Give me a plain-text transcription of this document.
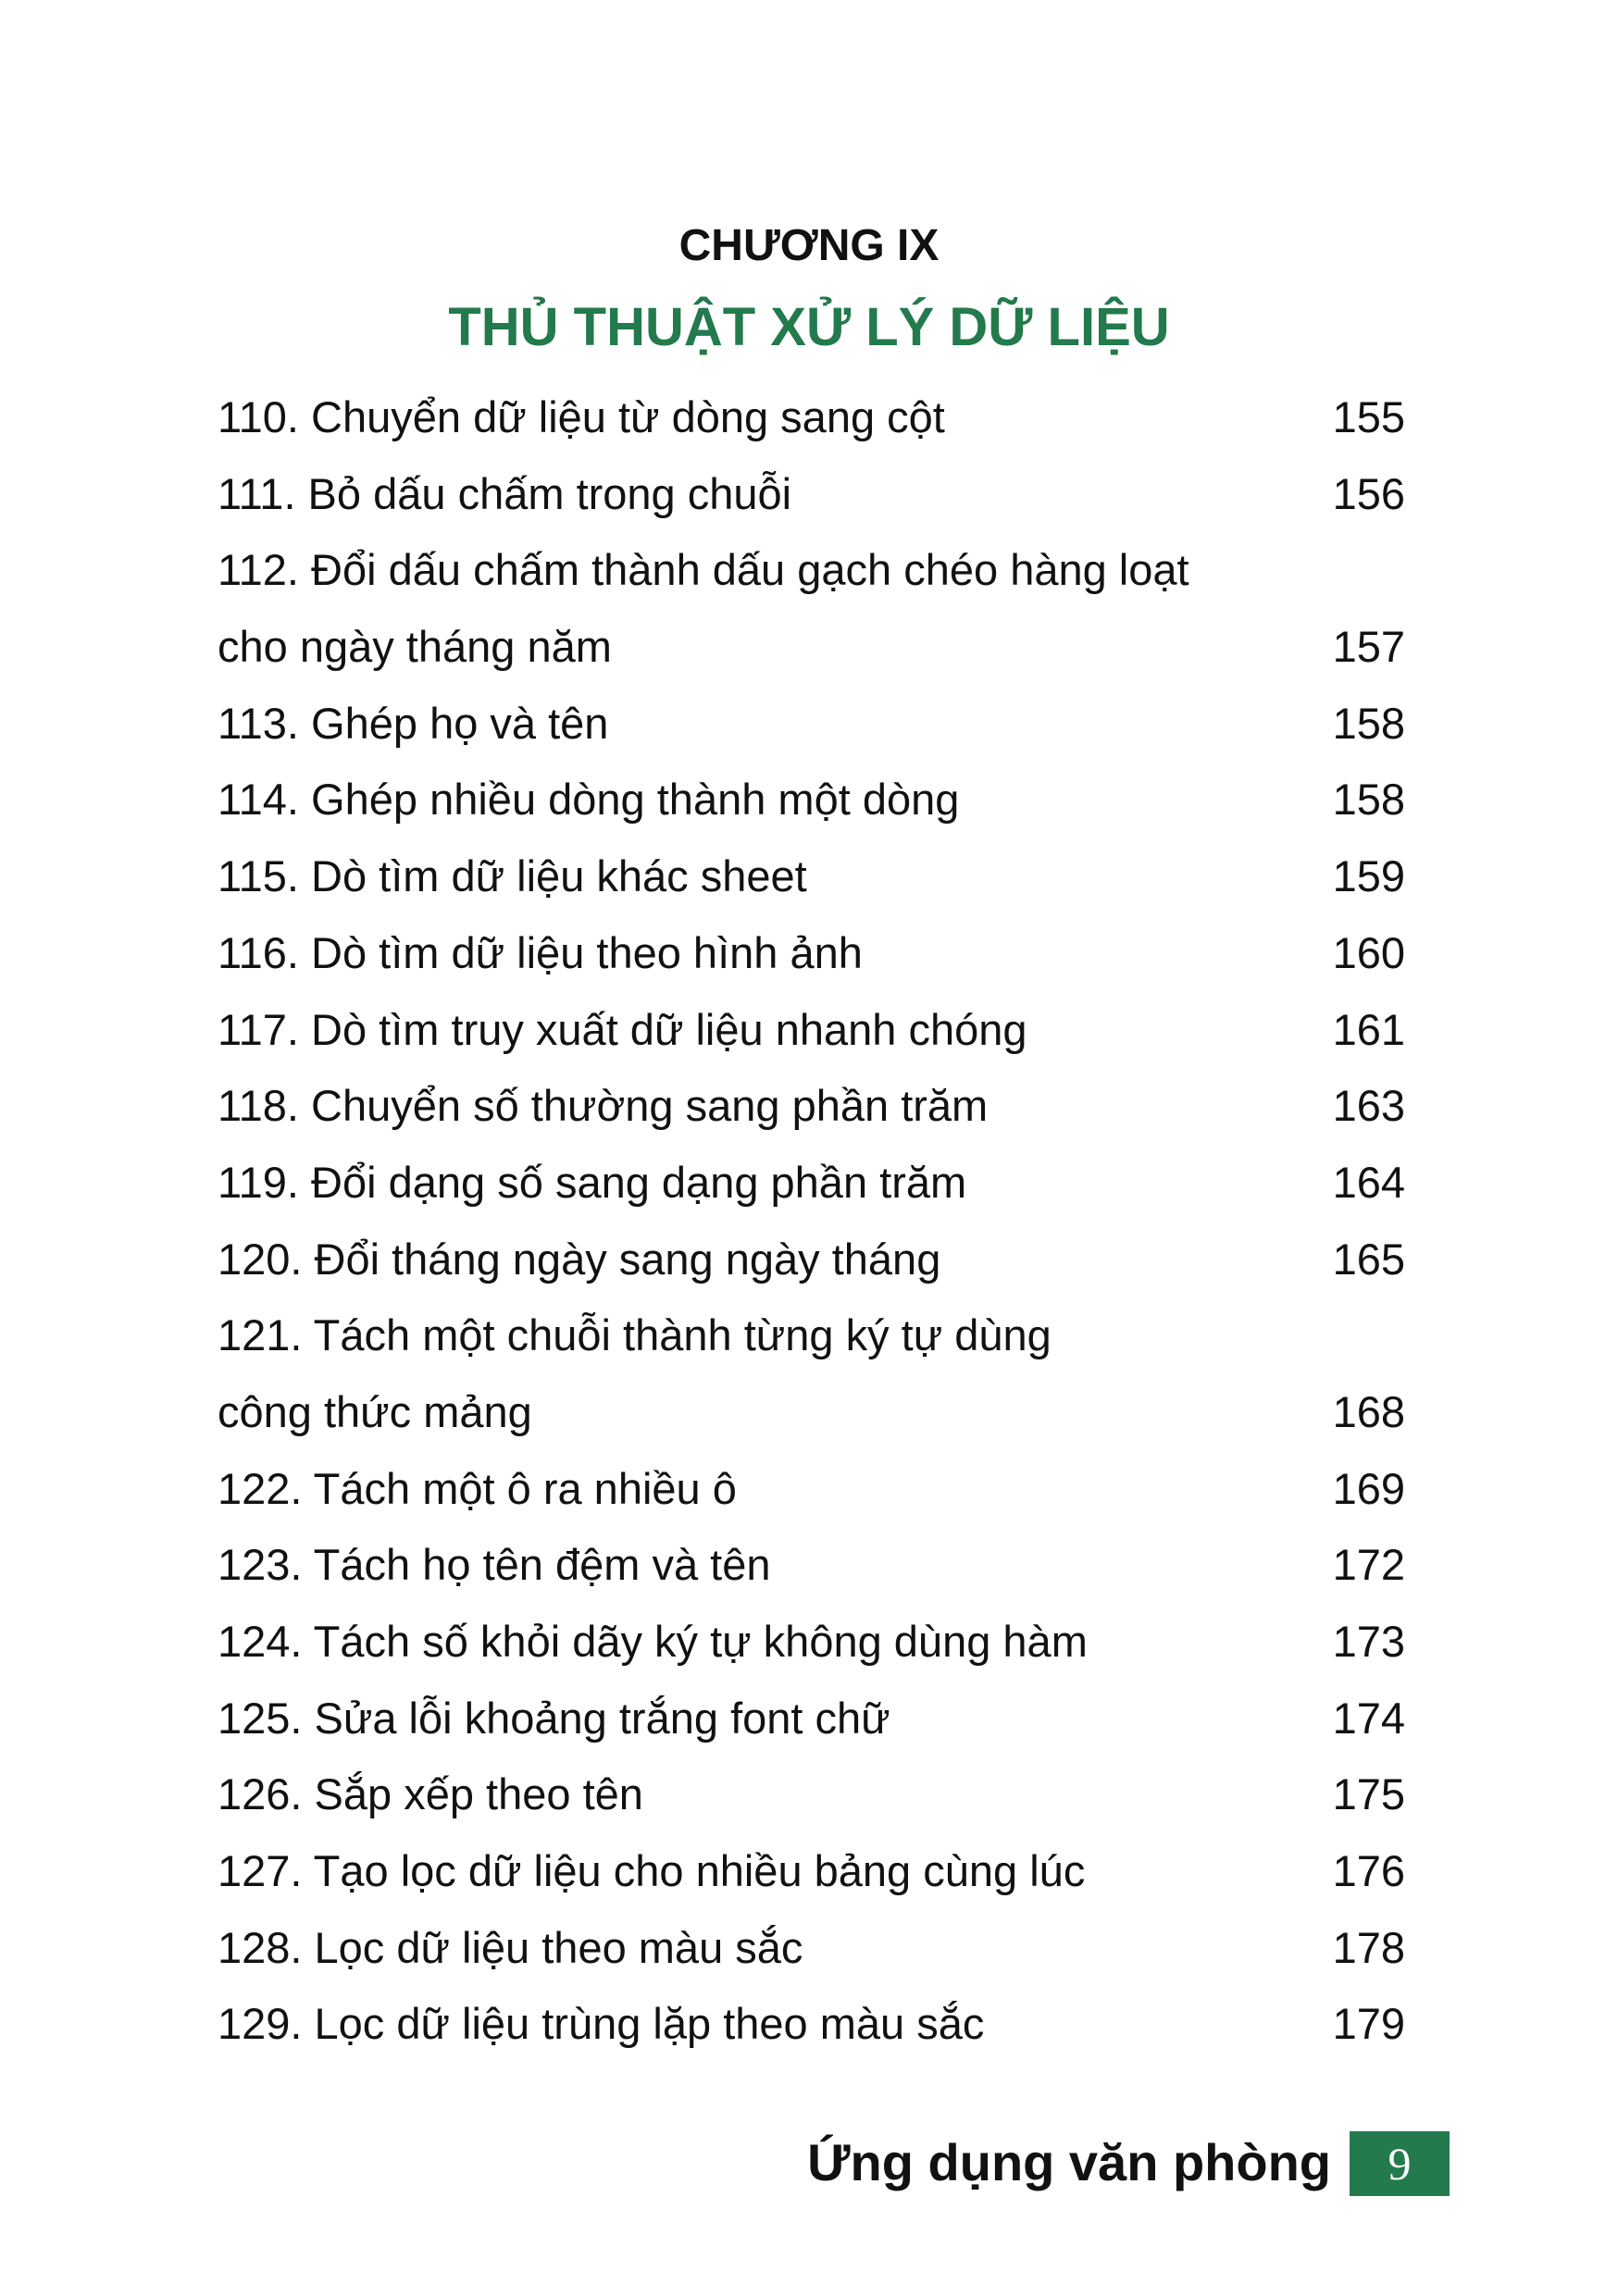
CHƯƠNG IX
THỦ THUẬT XỬ LÝ DỮ LIỆU
110. Chuyển dữ liệu từ dòng sang cột	155
111. Bỏ dấu chấm trong chuỗi	156
112. Đổi dấu chấm thành dấu gạch chéo hàng loạt
cho ngày tháng năm	157
113. Ghép họ và tên	158
114. Ghép nhiều dòng thành một dòng	158
115. Dò tìm dữ liệu khác sheet	159
116. Dò tìm dữ liệu theo hình ảnh	160
117. Dò tìm truy xuất dữ liệu nhanh chóng	161
118. Chuyển số thường sang phần trăm	163
119. Đổi dạng số sang dạng phần trăm	164
120. Đổi tháng ngày sang ngày tháng	165
121. Tách một chuỗi thành từng ký tự dùng
công thức mảng	168
122. Tách một ô ra nhiều ô	169
123. Tách họ tên đệm và tên	172
124. Tách số khỏi dãy ký tự không dùng hàm	173
125. Sửa lỗi khoảng trắng font chữ	174
126. Sắp xếp theo tên	175
127. Tạo lọc dữ liệu cho nhiều bảng cùng lúc	176
128. Lọc dữ liệu theo màu sắc	178
129. Lọc dữ liệu trùng lặp theo màu sắc	179
Ứng dụng văn phòng	9
